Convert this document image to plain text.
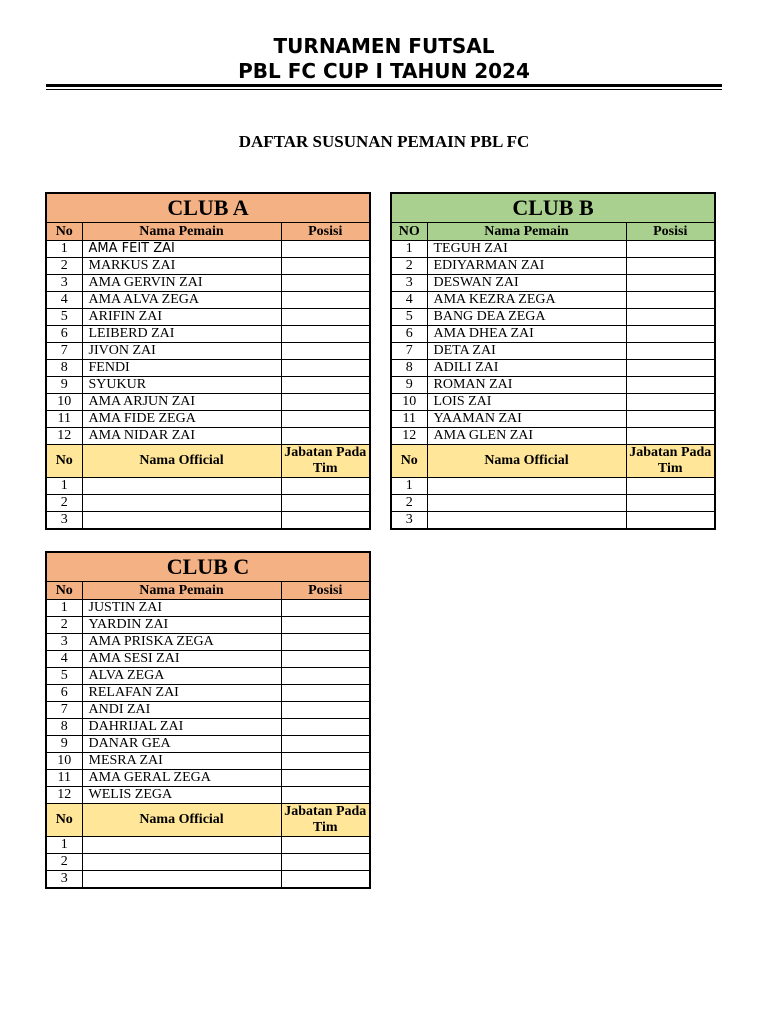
TURNAMEN FUTSAL
PBL FC CUP I TAHUN 2024
DAFTAR SUSUNAN PEMAIN PBL FC
CLUB A		
No	Nama Pemain	Posisi
1	AMA FEIT ZAI	
2	MARKUS ZAI	
3	AMA GERVIN ZAI	
4	AMA ALVA ZEGA	
5	ARIFIN ZAI	
6	LEIBERD ZAI	
7	JIVON ZAI	
8	FENDI	
9	SYUKUR	
10	AMA ARJUN ZAI	
11	AMA FIDE ZEGA	
12	AMA NIDAR ZAI	
No	Nama Official	Jabatan Pada Tim
1		
2		
3		
CLUB B		
NO	Nama Pemain	Posisi
1	TEGUH ZAI	
2	EDIYARMAN ZAI	
3	DESWAN ZAI	
4	AMA KEZRA ZEGA	
5	BANG DEA ZEGA	
6	AMA DHEA ZAI	
7	DETA ZAI	
8	ADILI ZAI	
9	ROMAN ZAI	
10	LOIS ZAI	
11	YAAMAN ZAI	
12	AMA GLEN ZAI	
No	Nama Official	Jabatan Pada Tim
1		
2		
3		
CLUB C		
No	Nama Pemain	Posisi
1	JUSTIN ZAI	
2	YARDIN ZAI	
3	AMA PRISKA ZEGA	
4	AMA SESI ZAI	
5	ALVA ZEGA	
6	RELAFAN ZAI	
7	ANDI ZAI	
8	DAHRIJAL ZAI	
9	DANAR GEA	
10	MESRA ZAI	
11	AMA GERAL ZEGA	
12	WELIS ZEGA	
No	Nama Official	Jabatan Pada Tim
1		
2		
3		
